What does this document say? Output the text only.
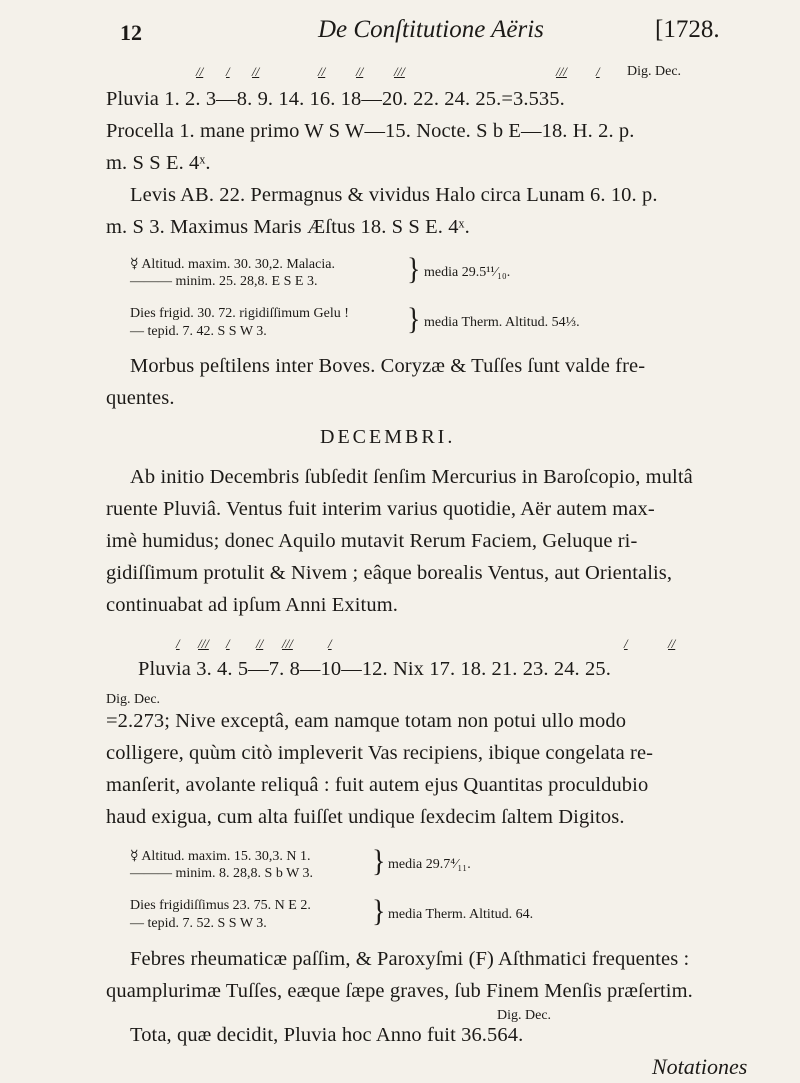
12	De Conſtitutione Aëris	[1728.
// / //	// // ///	/// / Dig. Dec.
Pluvia 1. 2. 3—8. 9. 14. 16. 18—20. 22. 24. 25.=3.535.
Procella 1. mane primo W S W—15. Nocte. S b E—18. H. 2. p.
m. S S E. 4ˣ.
Levis AB. 22. Permagnus & vividus Halo circa Lunam 6. 10. p.
m. S 3. Maximus Maris Æſtus 18. S S E. 4ˣ.
☿ Altitud. maxim. 30. 30,2. Malacia.
——— minim. 25. 28,8. E S E 3.	} media 29.5¹¹⁄₁₀.
Dies frigid. 30. 72. rigidiſſimum Gelu !
— tepid. 7. 42. S S W 3.	} media Therm. Altitud. 54⅓.
Morbus peſtilens inter Boves. Coryzæ & Tuſſes ſunt valde fre-
quentes.
DECEMBRI.
Ab initio Decembris ſubſedit ſenſim Mercurius in Baroſcopio, multâ
ruente Pluviâ. Ventus fuit interim varius quotidie, Aër autem max-
imè humidus; donec Aquilo mutavit Rerum Faciem, Geluque ri-
gidiſſimum protulit & Nivem ; eâque borealis Ventus, aut Orientalis,
continuabat ad ipſum Anni Exitum.
/ /// / // ///	/	/	//
Pluvia 3. 4. 5—7. 8—10—12. Nix 17. 18. 21. 23. 24. 25.
Dig. Dec.
=2.273; Nive exceptâ, eam namque totam non potui ullo modo
colligere, quùm citò impleverit Vas recipiens, ibique congelata re-
manſerit, avolante reliquâ : fuit autem ejus Quantitas proculdubio
haud exigua, cum alta fuiſſet undique ſexdecim ſaltem Digitos.
☿ Altitud. maxim. 15. 30,3. N 1.
——— minim. 8. 28,8. S b W 3. } media 29.7⁴⁄₁₁.
Dies frigidiſſimus 23. 75. N E 2.
— tepid. 7. 52. S S W 3.	} media Therm. Altitud. 64.
Febres rheumaticæ paſſim, & Paroxyſmi (F) Aſthmatici frequentes :
quamplurimæ Tuſſes, eæque ſæpe graves, ſub Finem Menſis præſertim.
Dig. Dec.
Tota, quæ decidit, Pluvia hoc Anno fuit 36.564.
Notationes
